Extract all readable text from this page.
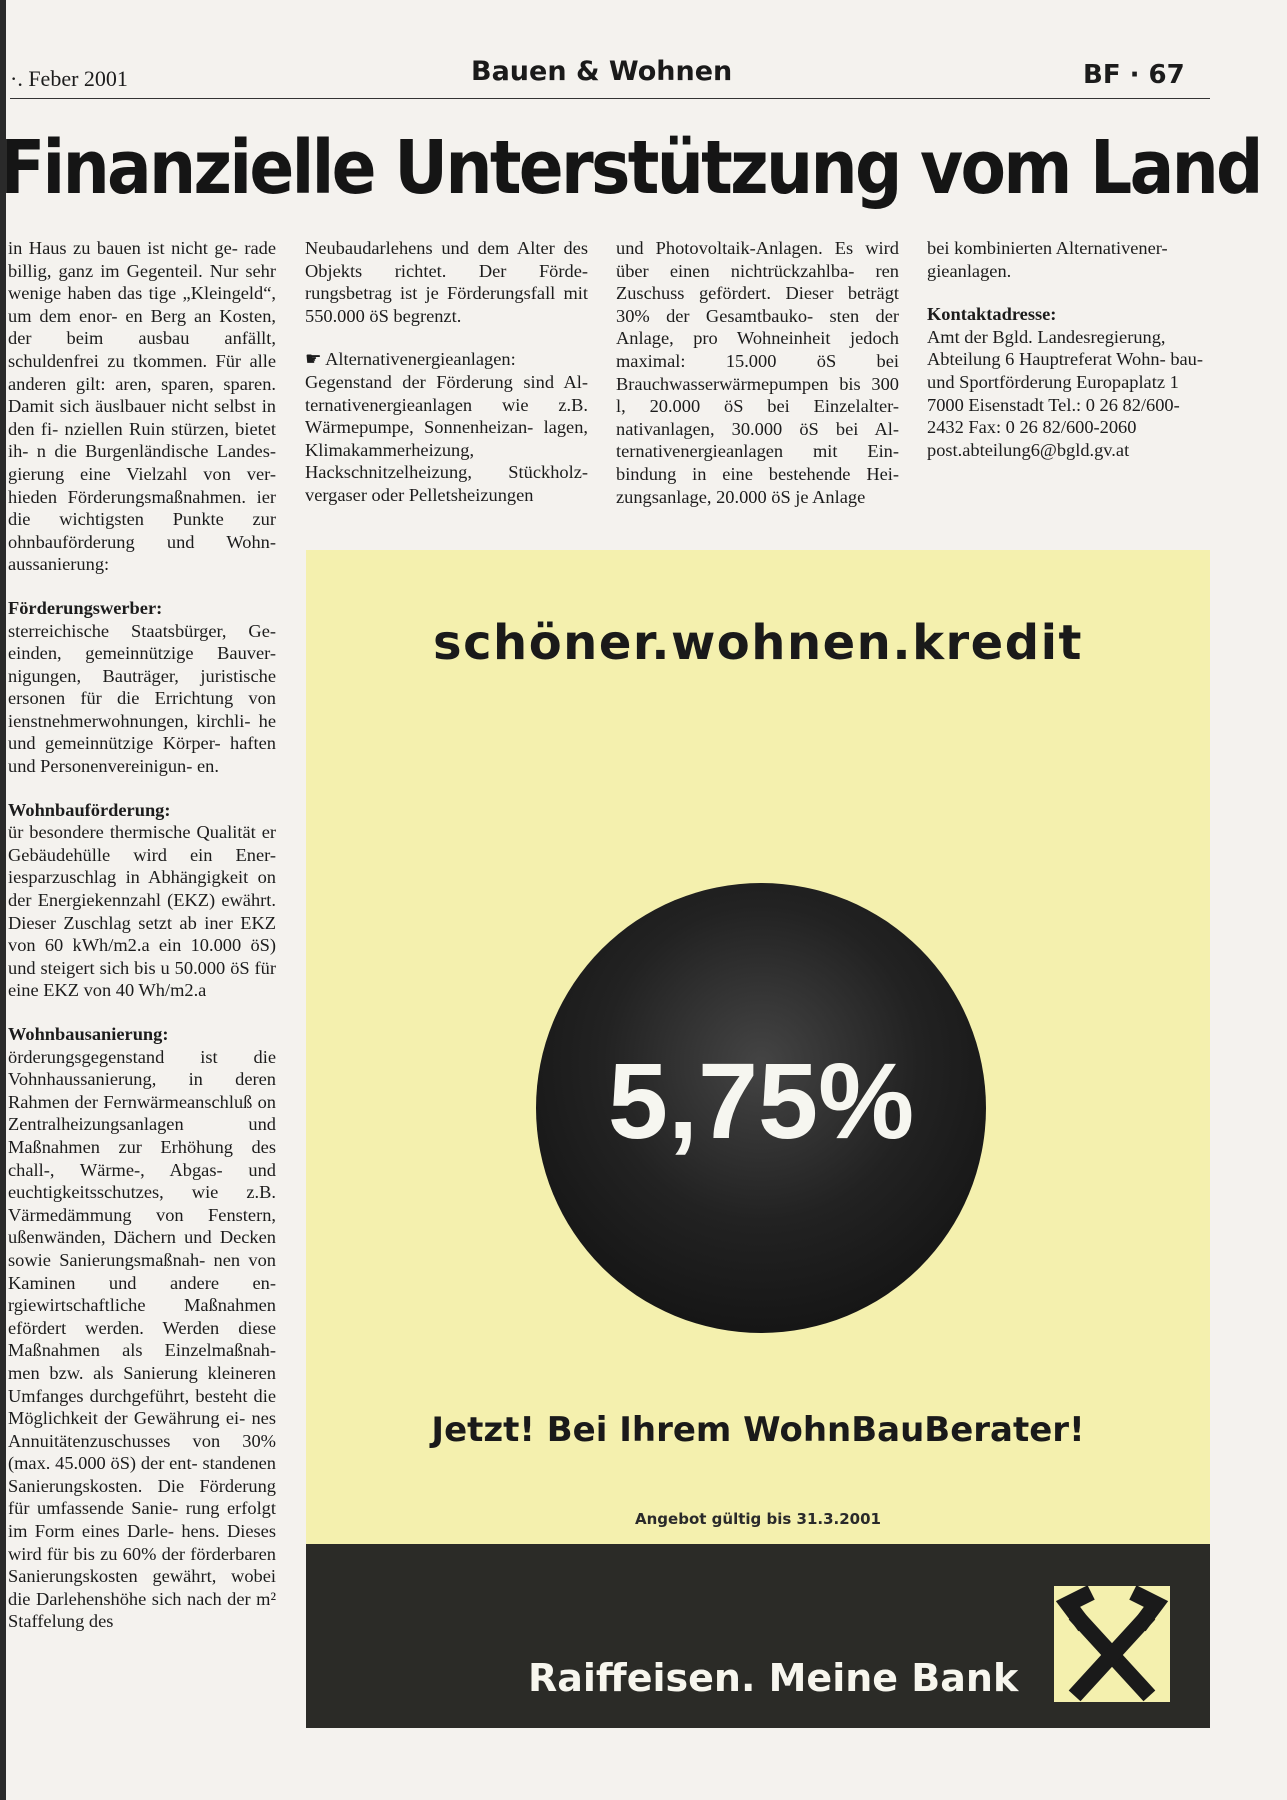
·. Feber 2001	Bauen & Wohnen	BF · 67
Finanzielle Unterstützung vom Land

in Haus zu bauen ist nicht ge- rade billig, ganz im Gegenteil. Nur sehr wenige haben das tige „Kleingeld“, um dem enor- en Berg an Kosten, der beim ausbau anfällt, schuldenfrei zu tkommen. Für alle anderen gilt: aren, sparen, sparen. Damit sich äuslbauer nicht selbst in den fi- nziellen Ruin stürzen, bietet ih- n die Burgenländische Landes- gierung eine Vielzahl von ver- hieden Förderungsmaßnahmen. ier die wichtigsten Punkte zur ohnbauförderung und Wohn- aussanierung:

Förderungswerber:

sterreichische Staatsbürger, Ge- einden, gemeinnützige Bauver- nigungen, Bauträger, juristische ersonen für die Errichtung von ienstnehmerwohnungen, kirchli- he und gemeinnützige Körper- haften und Personenvereinigun- en.

Wohnbauförderung:

ür besondere thermische Qualität er Gebäudehülle wird ein Ener- iesparzuschlag in Abhängigkeit on der Energiekennzahl (EKZ) ewährt. Dieser Zuschlag setzt ab iner EKZ von 60 kWh/m2.a ein 10.000 öS) und steigert sich bis u 50.000 öS für eine EKZ von 40 Wh/m2.a

Wohnbausanierung:

örderungsgegenstand ist die Vohnhaussanierung, in deren Rahmen der Fernwärmeanschluß on Zentralheizungsanlagen und Maßnahmen zur Erhöhung des chall-, Wärme-, Abgas- und euchtigkeitsschutzes, wie z.B. Värmedämmung von Fenstern, ußenwänden, Dächern und Decken sowie Sanierungsmaßnah- nen von Kaminen und andere en- rgiewirtschaftliche Maßnahmen efördert werden. Werden diese Maßnahmen als Einzelmaßnah- men bzw. als Sanierung kleineren Umfanges durchgeführt, besteht die Möglichkeit der Gewährung ei- nes Annuitätenzuschusses von 30% (max. 45.000 öS) der ent- standenen Sanierungskosten. Die Förderung für umfassende Sanie- rung erfolgt im Form eines Darle- hens. Dieses wird für bis zu 60% der förderbaren Sanierungskosten gewährt, wobei die Darlehenshöhe sich nach der m² Staffelung des

Neubaudarlehens und dem Alter des Objekts richtet. Der Förde- rungsbetrag ist je Förderungsfall mit 550.000 öS begrenzt.

☛ Alternativenergieanlagen:

Gegenstand der Förderung sind Al- ternativenergieanlagen wie z.B. Wärmepumpe, Sonnenheizan- lagen, Klimakammerheizung, Hackschnitzelheizung, Stückholz- vergaser oder Pelletsheizungen

und Photovoltaik-Anlagen. Es wird über einen nichtrückzahlba- ren Zuschuss gefördert. Dieser beträgt 30% der Gesamtbauko- sten der Anlage, pro Wohneinheit jedoch maximal: 15.000 öS bei Brauchwasserwärmepumpen bis 300 l, 20.000 öS bei Einzelalter- nativanlagen, 30.000 öS bei Al- ternativenergieanlagen mit Ein- bindung in eine bestehende Hei- zungsanlage, 20.000 öS je Anlage

bei kombinierten Alternativener- gieanlagen.

Kontaktadresse:

Amt der Bgld. Landesregierung, Abteilung 6 Hauptreferat Wohn- bau- und Sportförderung Europaplatz 1 7000 Eisenstadt Tel.: 0 26 82/600-2432 Fax: 0 26 82/600-2060 post.abteilung6@bgld.gv.at

schöner.wohnen.kredit
5,75%
Jetzt! Bei Ihrem WohnBauBerater!
Angebot gültig bis 31.3.2001
Raiffeisen. Meine Bank
